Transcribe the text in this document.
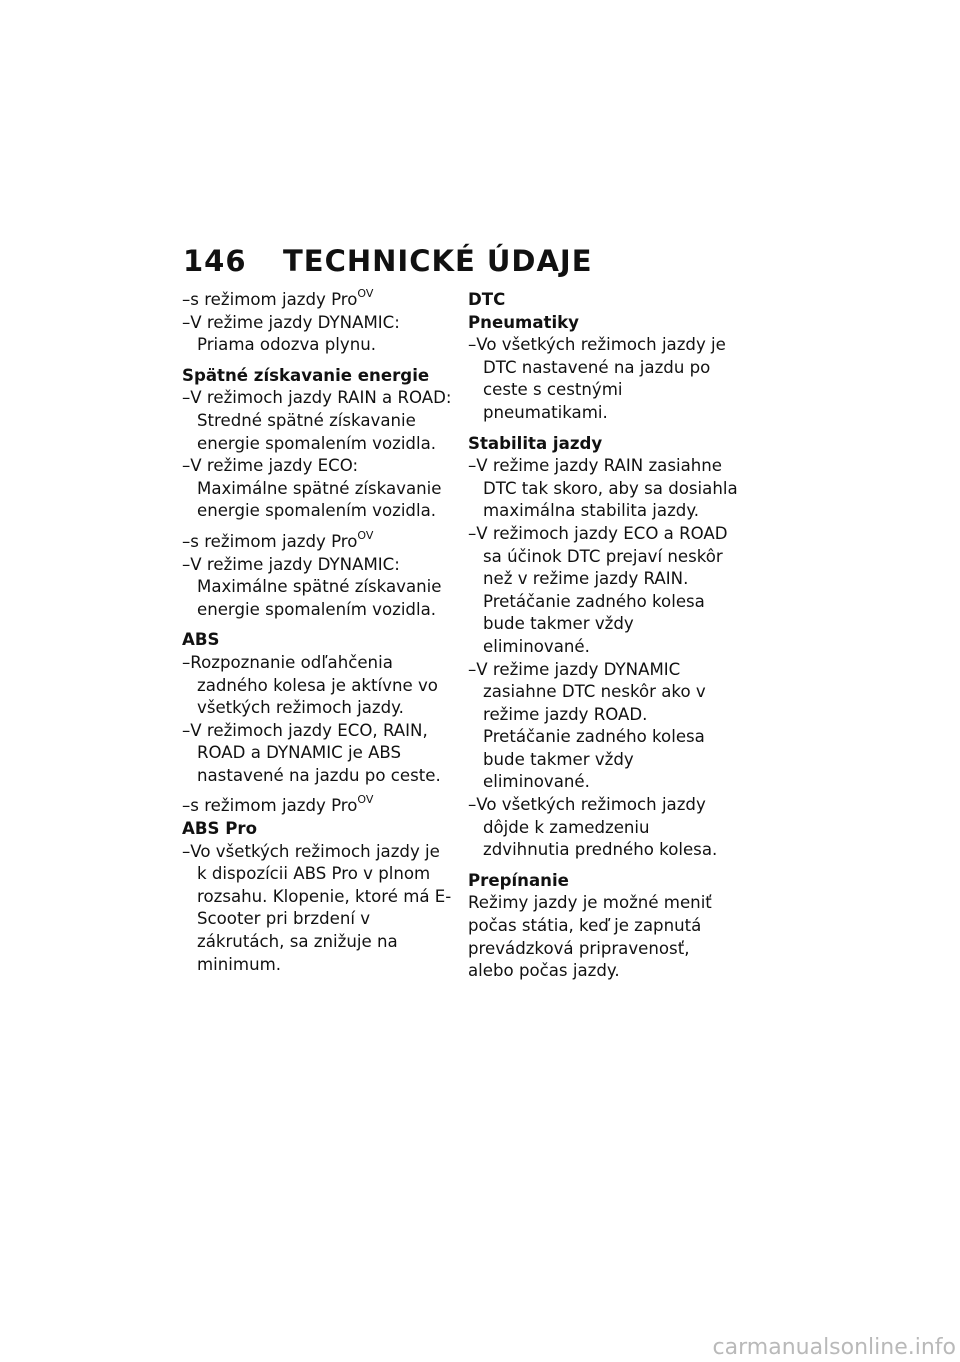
146 TECHNICKÉ ÚDAJE

–s režimom jazdy Pro$^{OV}$

–V režime jazdy DYNAMIC: Priama odozva plynu.

Spätné získavanie energie

–V režimoch jazdy RAIN a ROAD: Stredné spätné získavanie energie spomalením vozidla.

–V režime jazdy ECO: Maximálne spätné získavanie energie spomalením vozidla.

–s režimom jazdy Pro$^{OV}$

–V režime jazdy DYNAMIC: Maximálne spätné získavanie energie spomalením vozidla.

ABS

–Rozpoznanie odľahčenia zadného kolesa je aktívne vo všetkých režimoch jazdy.

–V režimoch jazdy ECO, RAIN, ROAD a DYNAMIC je ABS nastavené na jazdu po ceste.

–s režimom jazdy Pro$^{OV}$

ABS Pro

–Vo všetkých režimoch jazdy je k dispozícii ABS Pro v plnom rozsahu. Klopenie, ktoré má E-Scooter pri brzdení v zákrutách, sa znižuje na minimum.

DTC

Pneumatiky

–Vo všetkých režimoch jazdy je DTC nastavené na jazdu po ceste s cestnými pneumatikami.

Stabilita jazdy

–V režime jazdy RAIN zasiahne DTC tak skoro, aby sa dosiahla maximálna stabilita jazdy.

–V režimoch jazdy ECO a ROAD sa účinok DTC prejaví neskôr než v režime jazdy RAIN. Pretáčanie zadného kolesa bude takmer vždy eliminované.

–V režime jazdy DYNAMIC zasiahne DTC neskôr ako v režime jazdy ROAD. Pretáčanie zadného kolesa bude takmer vždy eliminované.

–Vo všetkých režimoch jazdy dôjde k zamedzeniu zdvihnutia predného kolesa.

Prepínanie

Režimy jazdy je možné meniť počas státia, keď je zapnutá prevádzková pripravenosť, alebo počas jazdy.

carmanualsonline.info
